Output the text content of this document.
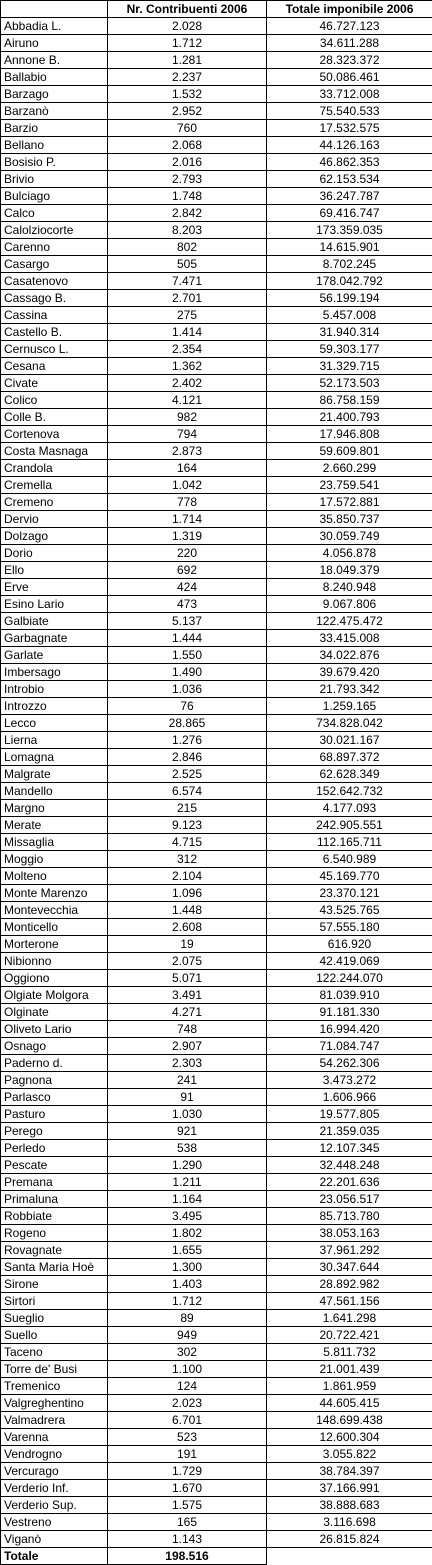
	Nr. Contribuenti 2006	Totale imponibile 2006
Abbadia L.	2.028	46.727.123
Airuno	1.712	34.611.288
Annone B.	1.281	28.323.372
Ballabio	2.237	50.086.461
Barzago	1.532	33.712.008
Barzanò	2.952	75.540.533
Barzio	760	17.532.575
Bellano	2.068	44.126.163
Bosisio P.	2.016	46.862.353
Brivio	2.793	62.153.534
Bulciago	1.748	36.247.787
Calco	2.842	69.416.747
Calolziocorte	8.203	173.359.035
Carenno	802	14.615.901
Casargo	505	8.702.245
Casatenovo	7.471	178.042.792
Cassago B.	2.701	56.199.194
Cassina	275	5.457.008
Castello B.	1.414	31.940.314
Cernusco L.	2.354	59.303.177
Cesana	1.362	31.329.715
Civate	2.402	52.173.503
Colico	4.121	86.758.159
Colle B.	982	21.400.793
Cortenova	794	17.946.808
Costa Masnaga	2.873	59.609.801
Crandola	164	2.660.299
Cremella	1.042	23.759.541
Cremeno	778	17.572.881
Dervio	1.714	35.850.737
Dolzago	1.319	30.059.749
Dorio	220	4.056.878
Ello	692	18.049.379
Erve	424	8.240.948
Esino Lario	473	9.067.806
Galbiate	5.137	122.475.472
Garbagnate	1.444	33.415.008
Garlate	1.550	34.022.876
Imbersago	1.490	39.679.420
Introbio	1.036	21.793.342
Introzzo	76	1.259.165
Lecco	28.865	734.828.042
Lierna	1.276	30.021.167
Lomagna	2.846	68.897.372
Malgrate	2.525	62.628.349
Mandello	6.574	152.642.732
Margno	215	4.177.093
Merate	9.123	242.905.551
Missaglia	4.715	112.165.711
Moggio	312	6.540.989
Molteno	2.104	45.169.770
Monte Marenzo	1.096	23.370.121
Montevecchia	1.448	43.525.765
Monticello	2.608	57.555.180
Morterone	19	616.920
Nibionno	2.075	42.419.069
Oggiono	5.071	122.244.070
Olgiate Molgora	3.491	81.039.910
Olginate	4.271	91.181.330
Oliveto Lario	748	16.994.420
Osnago	2.907	71.084.747
Paderno d.	2.303	54.262.306
Pagnona	241	3.473.272
Parlasco	91	1.606.966
Pasturo	1.030	19.577.805
Perego	921	21.359.035
Perledo	538	12.107.345
Pescate	1.290	32.448.248
Premana	1.211	22.201.636
Primaluna	1.164	23.056.517
Robbiate	3.495	85.713.780
Rogeno	1.802	38.053.163
Rovagnate	1.655	37.961.292
Santa Maria Hoè	1.300	30.347.644
Sirone	1.403	28.892.982
Sirtori	1.712	47.561.156
Sueglio	89	1.641.298
Suello	949	20.722.421
Taceno	302	5.811.732
Torre de' Busi	1.100	21.001.439
Tremenico	124	1.861.959
Valgreghentino	2.023	44.605.415
Valmadrera	6.701	148.699.438
Varenna	523	12.600.304
Vendrogno	191	3.055.822
Vercurago	1.729	38.784.397
Verderio Inf.	1.670	37.166.991
Verderio Sup.	1.575	38.888.683
Vestreno	165	3.116.698
Viganò	1.143	26.815.824
Totale	198.516	
